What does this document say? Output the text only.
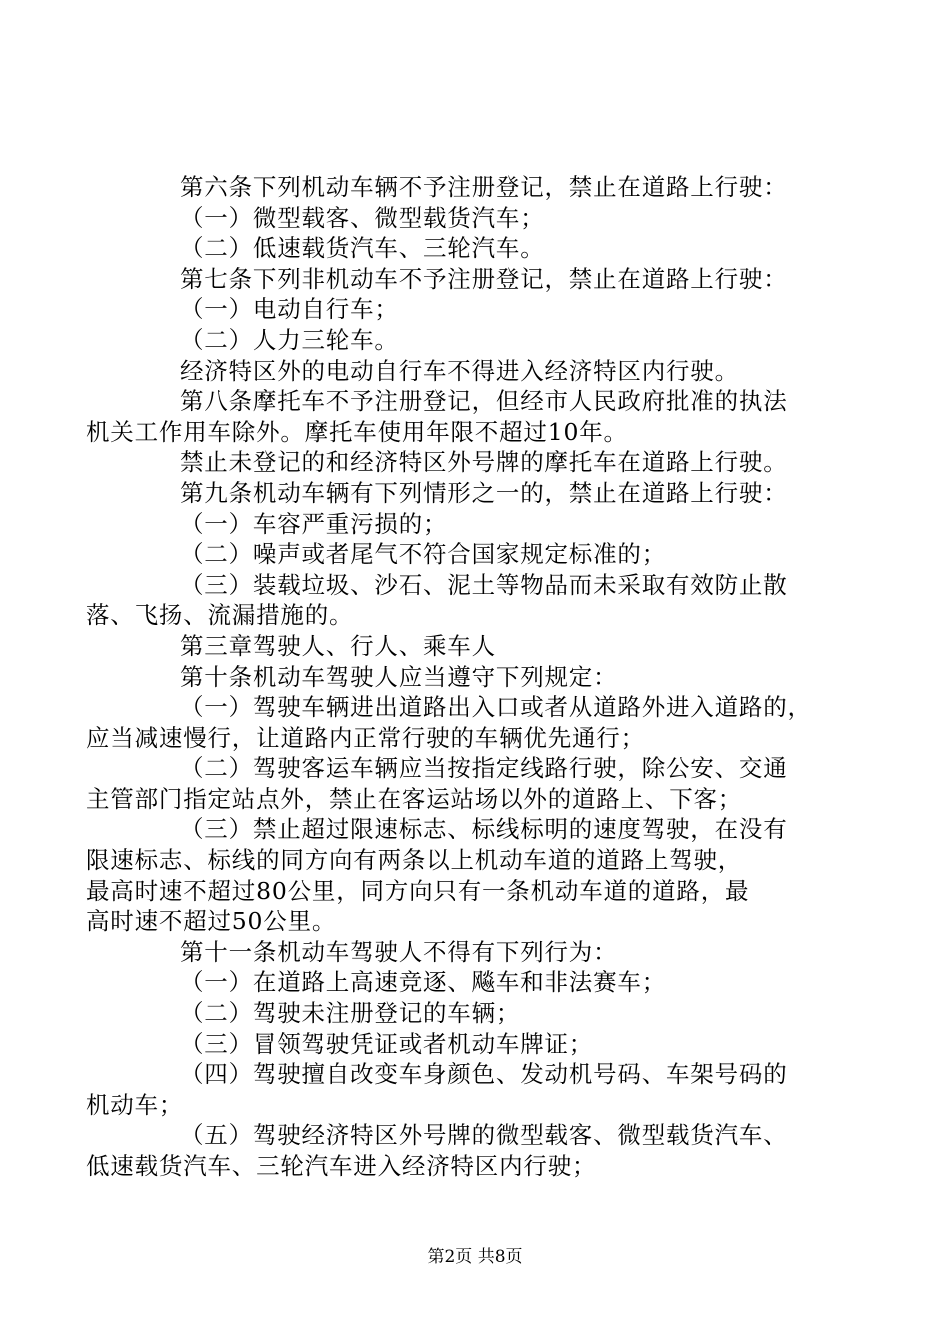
第六条下列机动车辆不予注册登记，禁止在道路上行驶：

（一）微型载客、微型载货汽车；

（二）低速载货汽车、三轮汽车。

第七条下列非机动车不予注册登记，禁止在道路上行驶：

（一）电动自行车；

（二）人力三轮车。

经济特区外的电动自行车不得进入经济特区内行驶。

第八条摩托车不予注册登记，但经市人民政府批准的执法
机关工作用车除外。摩托车使用年限不超过10年。

禁止未登记的和经济特区外号牌的摩托车在道路上行驶。

第九条机动车辆有下列情形之一的，禁止在道路上行驶：

（一）车容严重污损的；

（二）噪声或者尾气不符合国家规定标准的；

（三）装载垃圾、沙石、泥土等物品而未采取有效防止散
落、飞扬、流漏措施的。

第三章驾驶人、行人、乘车人

第十条机动车驾驶人应当遵守下列规定：

（一）驾驶车辆进出道路出入口或者从道路外进入道路的，
应当减速慢行，让道路内正常行驶的车辆优先通行；

（二）驾驶客运车辆应当按指定线路行驶，除公安、交通
主管部门指定站点外，禁止在客运站场以外的道路上、下客；

（三）禁止超过限速标志、标线标明的速度驾驶，在没有
限速标志、标线的同方向有两条以上机动车道的道路上驾驶，
最高时速不超过80公里，同方向只有一条机动车道的道路，最
高时速不超过50公里。

第十一条机动车驾驶人不得有下列行为：

（一）在道路上高速竞逐、飚车和非法赛车；

（二）驾驶未注册登记的车辆；

（三）冒领驾驶凭证或者机动车牌证；

（四）驾驶擅自改变车身颜色、发动机号码、车架号码的
机动车；

（五）驾驶经济特区外号牌的微型载客、微型载货汽车、
低速载货汽车、三轮汽车进入经济特区内行驶；

第2页 共8页
